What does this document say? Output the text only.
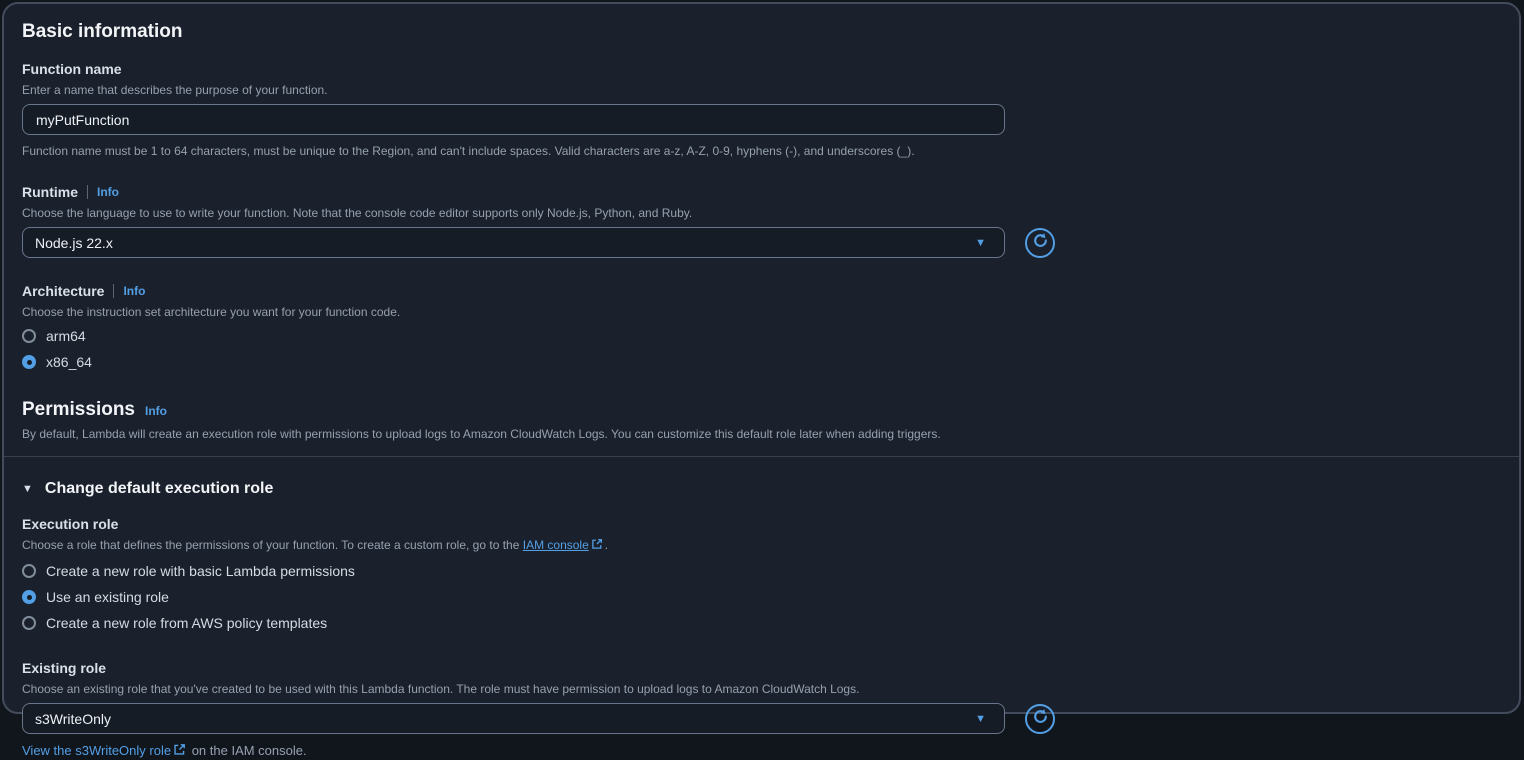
Basic information
Function name
Enter a name that describes the purpose of your function.
myPutFunction
Function name must be 1 to 64 characters, must be unique to the Region, and can't include spaces. Valid characters are a-z, A-Z, 0-9, hyphens (-), and underscores (_).
Runtime Info
Choose the language to use to write your function. Note that the console code editor supports only Node.js, Python, and Ruby.
Node.js 22.x	▼
Architecture Info
Choose the instruction set architecture you want for your function code.
arm64
x86_64
Permissions Info
By default, Lambda will create an execution role with permissions to upload logs to Amazon CloudWatch Logs. You can customize this default role later when adding triggers.
▼ Change default execution role
Execution role
Choose a role that defines the permissions of your function. To create a custom role, go to the IAM console .
Create a new role with basic Lambda permissions
Use an existing role
Create a new role from AWS policy templates
Existing role
Choose an existing role that you've created to be used with this Lambda function. The role must have permission to upload logs to Amazon CloudWatch Logs.
s3WriteOnly	▼
View the s3WriteOnly role on the IAM console.
